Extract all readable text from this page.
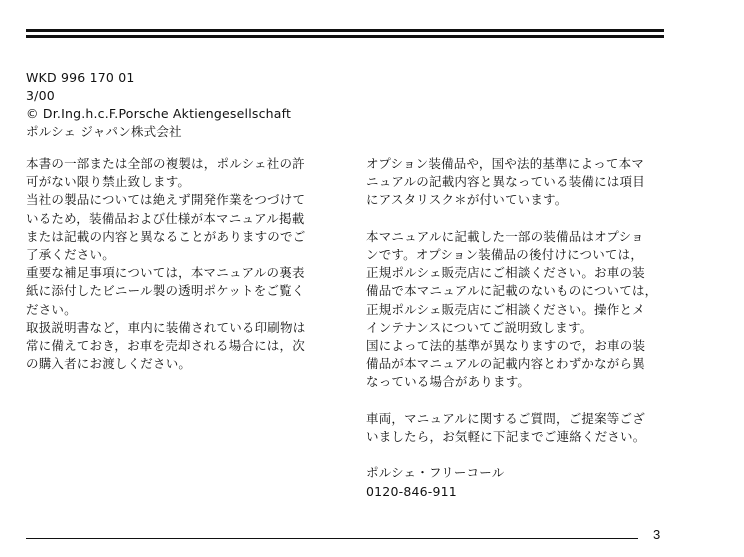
WKD 996 170 01
3/00
© Dr.Ing.h.c.F.Porsche Aktiengesellschaft
ポルシェ ジャパン株式会社
本書の一部または全部の複製は，ポルシェ社の許
可がない限り禁止致します。
当社の製品については絶えず開発作業をつづけて
いるため，装備品および仕様が本マニュアル掲載
または記載の内容と異なることがありますのでご
了承ください。
重要な補足事項については，本マニュアルの裏表
紙に添付したビニール製の透明ポケットをご覧く
ださい。
取扱説明書など，車内に装備されている印刷物は
常に備えておき，お車を売却される場合には，次
の購入者にお渡しください。
オプション装備品や，国や法的基準によって本マ
ニュアルの記載内容と異なっている装備には項目
にアスタリスク＊が付いています。
本マニュアルに記載した一部の装備品はオプショ
ンです。オプション装備品の後付けについては，
正規ポルシェ販売店にご相談ください。お車の装
備品で本マニュアルに記載のないものについては，
正規ポルシェ販売店にご相談ください。操作とメ
インテナンスについてご説明致します。
国によって法的基準が異なりますので，お車の装
備品が本マニュアルの記載内容とわずかながら異
なっている場合があります。
車両，マニュアルに関するご質問，ご提案等ござ
いましたら，お気軽に下記までご連絡ください。
ポルシェ・フリーコール
0120-846-911
3
